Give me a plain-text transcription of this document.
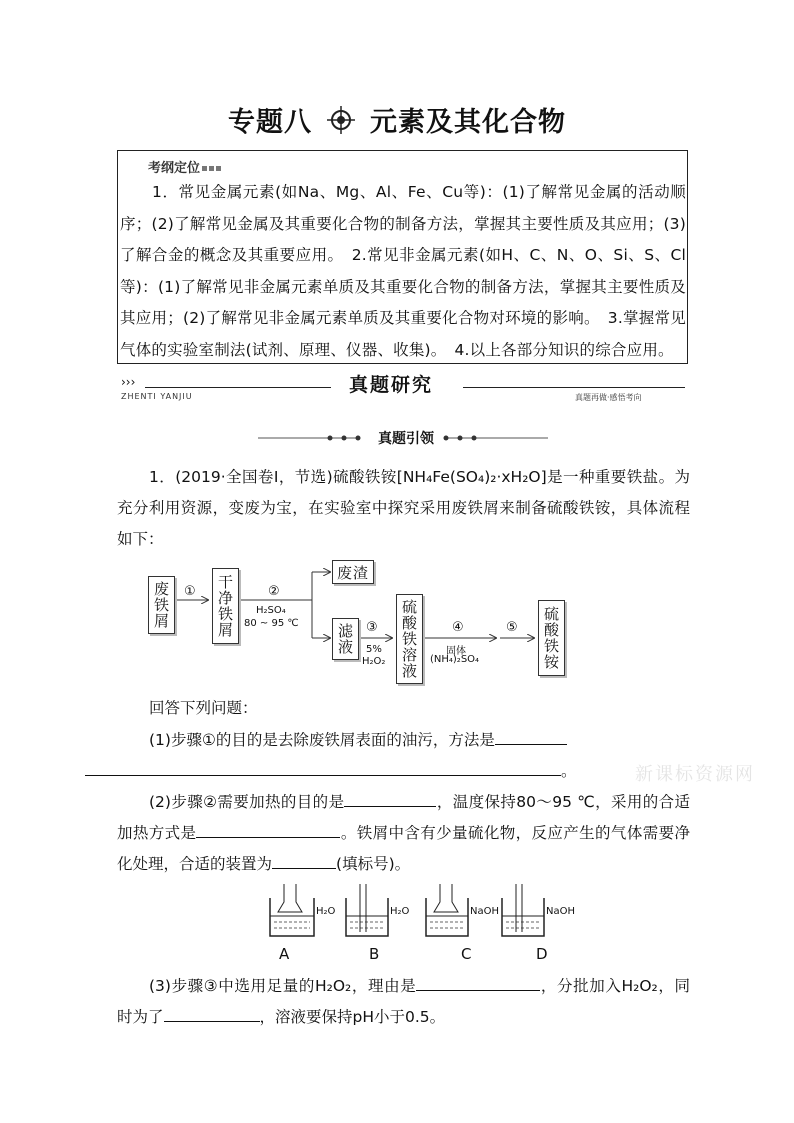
专题八 元素及其化合物
考纲定位
1．常见金属元素(如Na、Mg、Al、Fe、Cu等)：(1)了解常见金属的活动顺序；(2)了解常见金属及其重要化合物的制备方法，掌握其主要性质及其应用；(3)了解合金的概念及其重要应用。　2.常见非金属元素(如H、C、N、O、Si、S、Cl等)：(1)了解常见非金属元素单质及其重要化合物的制备方法，掌握其主要性质及其应用；(2)了解常见非金属元素单质及其重要化合物对环境的影响。　3.掌握常见气体的实验室制法(试剂、原理、仪器、收集)。　4.以上各部分知识的综合应用。
›››	真题研究
ZHENTI YANJIU	真题再做·感悟考向
真题引领
1．(2019·全国卷Ⅰ，节选)硫酸铁铵[NH₄Fe(SO₄)₂·xH₂O]是一种重要铁盐。为充分利用资源，变废为宝，在实验室中探究采用废铁屑来制备硫酸铁铵，具体流程如下：
废铁屑	干净铁屑
废渣
滤液	硫酸铁溶液	硫酸铁铵
①	②
H₂SO₄
80 ~ 95 ℃	③
5%
H₂O₂
④
固体
(NH₄)₂SO₄
⑤
回答下列问题：
(1)步骤①的目的是去除废铁屑表面的油污，方法是
。
(2)步骤②需要加热的目的是	，温度保持80～95 ℃，采用的合适加热方式是	。铁屑中含有少量硫化物，反应产生的气体需要净化处理，合适的装置为	(填标号)。
H₂O	H₂O	NaOH	NaOH
A	B	C	D
(3)步骤③中选用足量的H₂O₂，理由是	，分批加入H₂O₂，同时为了	，溶液要保持pH小于0.5。
新课标资源网
